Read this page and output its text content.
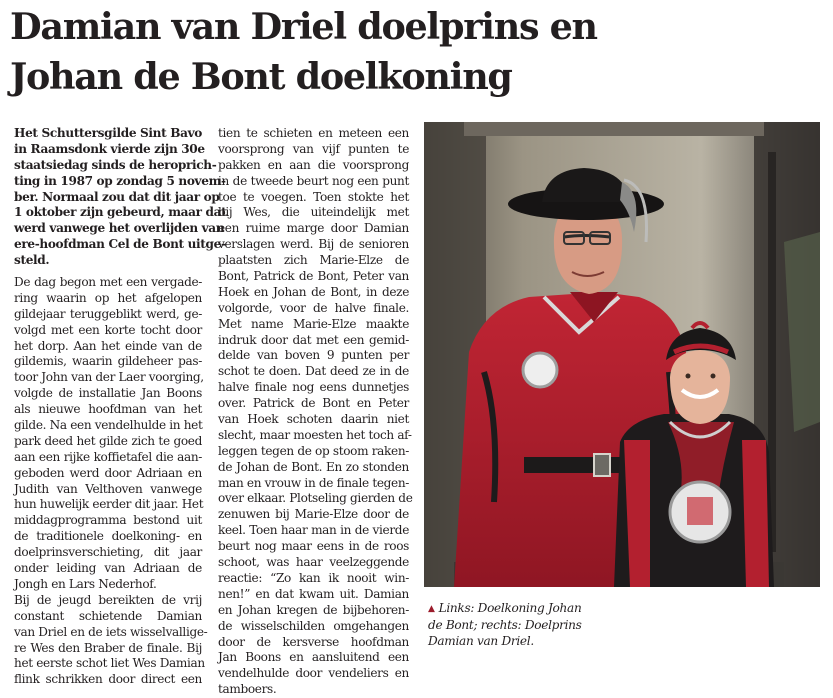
Damian van Driel doelprins en
Johan de Bont doelkoning
Het Schuttersgilde Sint Bavo
in Raamsdonk vierde zijn 30e
staatsiedag sinds de heroprich-
ting in 1987 op zondag 5 novem-
ber. Normaal zou dat dit jaar op
1 oktober zijn gebeurd, maar dat
werd vanwege het overlijden van
ere-hoofdman Cel de Bont uitge-
steld.
De dag begon met een vergade-
ring waarin op het afgelopen
gildejaar teruggeblikt werd, ge-
volgd met een korte tocht door
het dorp. Aan het einde van de
gildemis, waarin gildeheer pas-
toor John van der Laer voorging,
volgde de installatie Jan Boons
als nieuwe hoofdman van het
gilde. Na een vendelhulde in het
park deed het gilde zich te goed
aan een rijke koffietafel die aan-
geboden werd door Adriaan en
Judith van Velthoven vanwege
hun huwelijk eerder dit jaar. Het
middagprogramma bestond uit
de traditionele doelkoning- en
doelprinsverschieting, dit jaar
onder leiding van Adriaan de
Jongh en Lars Nederhof.
Bij de jeugd bereikten de vrij
constant schietende Damian
van Driel en de iets wisselvallige-
re Wes den Braber de finale. Bij
het eerste schot liet Wes Damian
flink schrikken door direct een
tien te schieten en meteen een
voorsprong van vijf punten te
pakken en aan die voorsprong
in de tweede beurt nog een punt
toe te voegen. Toen stokte het
bij Wes, die uiteindelijk met
een ruime marge door Damian
verslagen werd. Bij de senioren
plaatsten zich Marie-Elze de
Bont, Patrick de Bont, Peter van
Hoek en Johan de Bont, in deze
volgorde, voor de halve finale.
Met name Marie-Elze maakte
indruk door dat met een gemid-
delde van boven 9 punten per
schot te doen. Dat deed ze in de
halve finale nog eens dunnetjes
over. Patrick de Bont en Peter
van Hoek schoten daarin niet
slecht, maar moesten het toch af-
leggen tegen de op stoom raken-
de Johan de Bont. En zo stonden
man en vrouw in de finale tegen-
over elkaar. Plotseling gierden de
zenuwen bij Marie-Elze door de
keel. Toen haar man in de vierde
beurt nog maar eens in de roos
schoot, was haar veelzeggende
reactie: “Zo kan ik nooit win-
nen!” en dat kwam uit. Damian
en Johan kregen de bijbehoren-
de wisselschilden omgehangen
door de kersverse hoofdman
Jan Boons en aansluitend een
vendelhulde door vendeliers en
tamboers.
▲ Links: Doelkoning Johan
de Bont; rechts: Doelprins
Damian van Driel.
